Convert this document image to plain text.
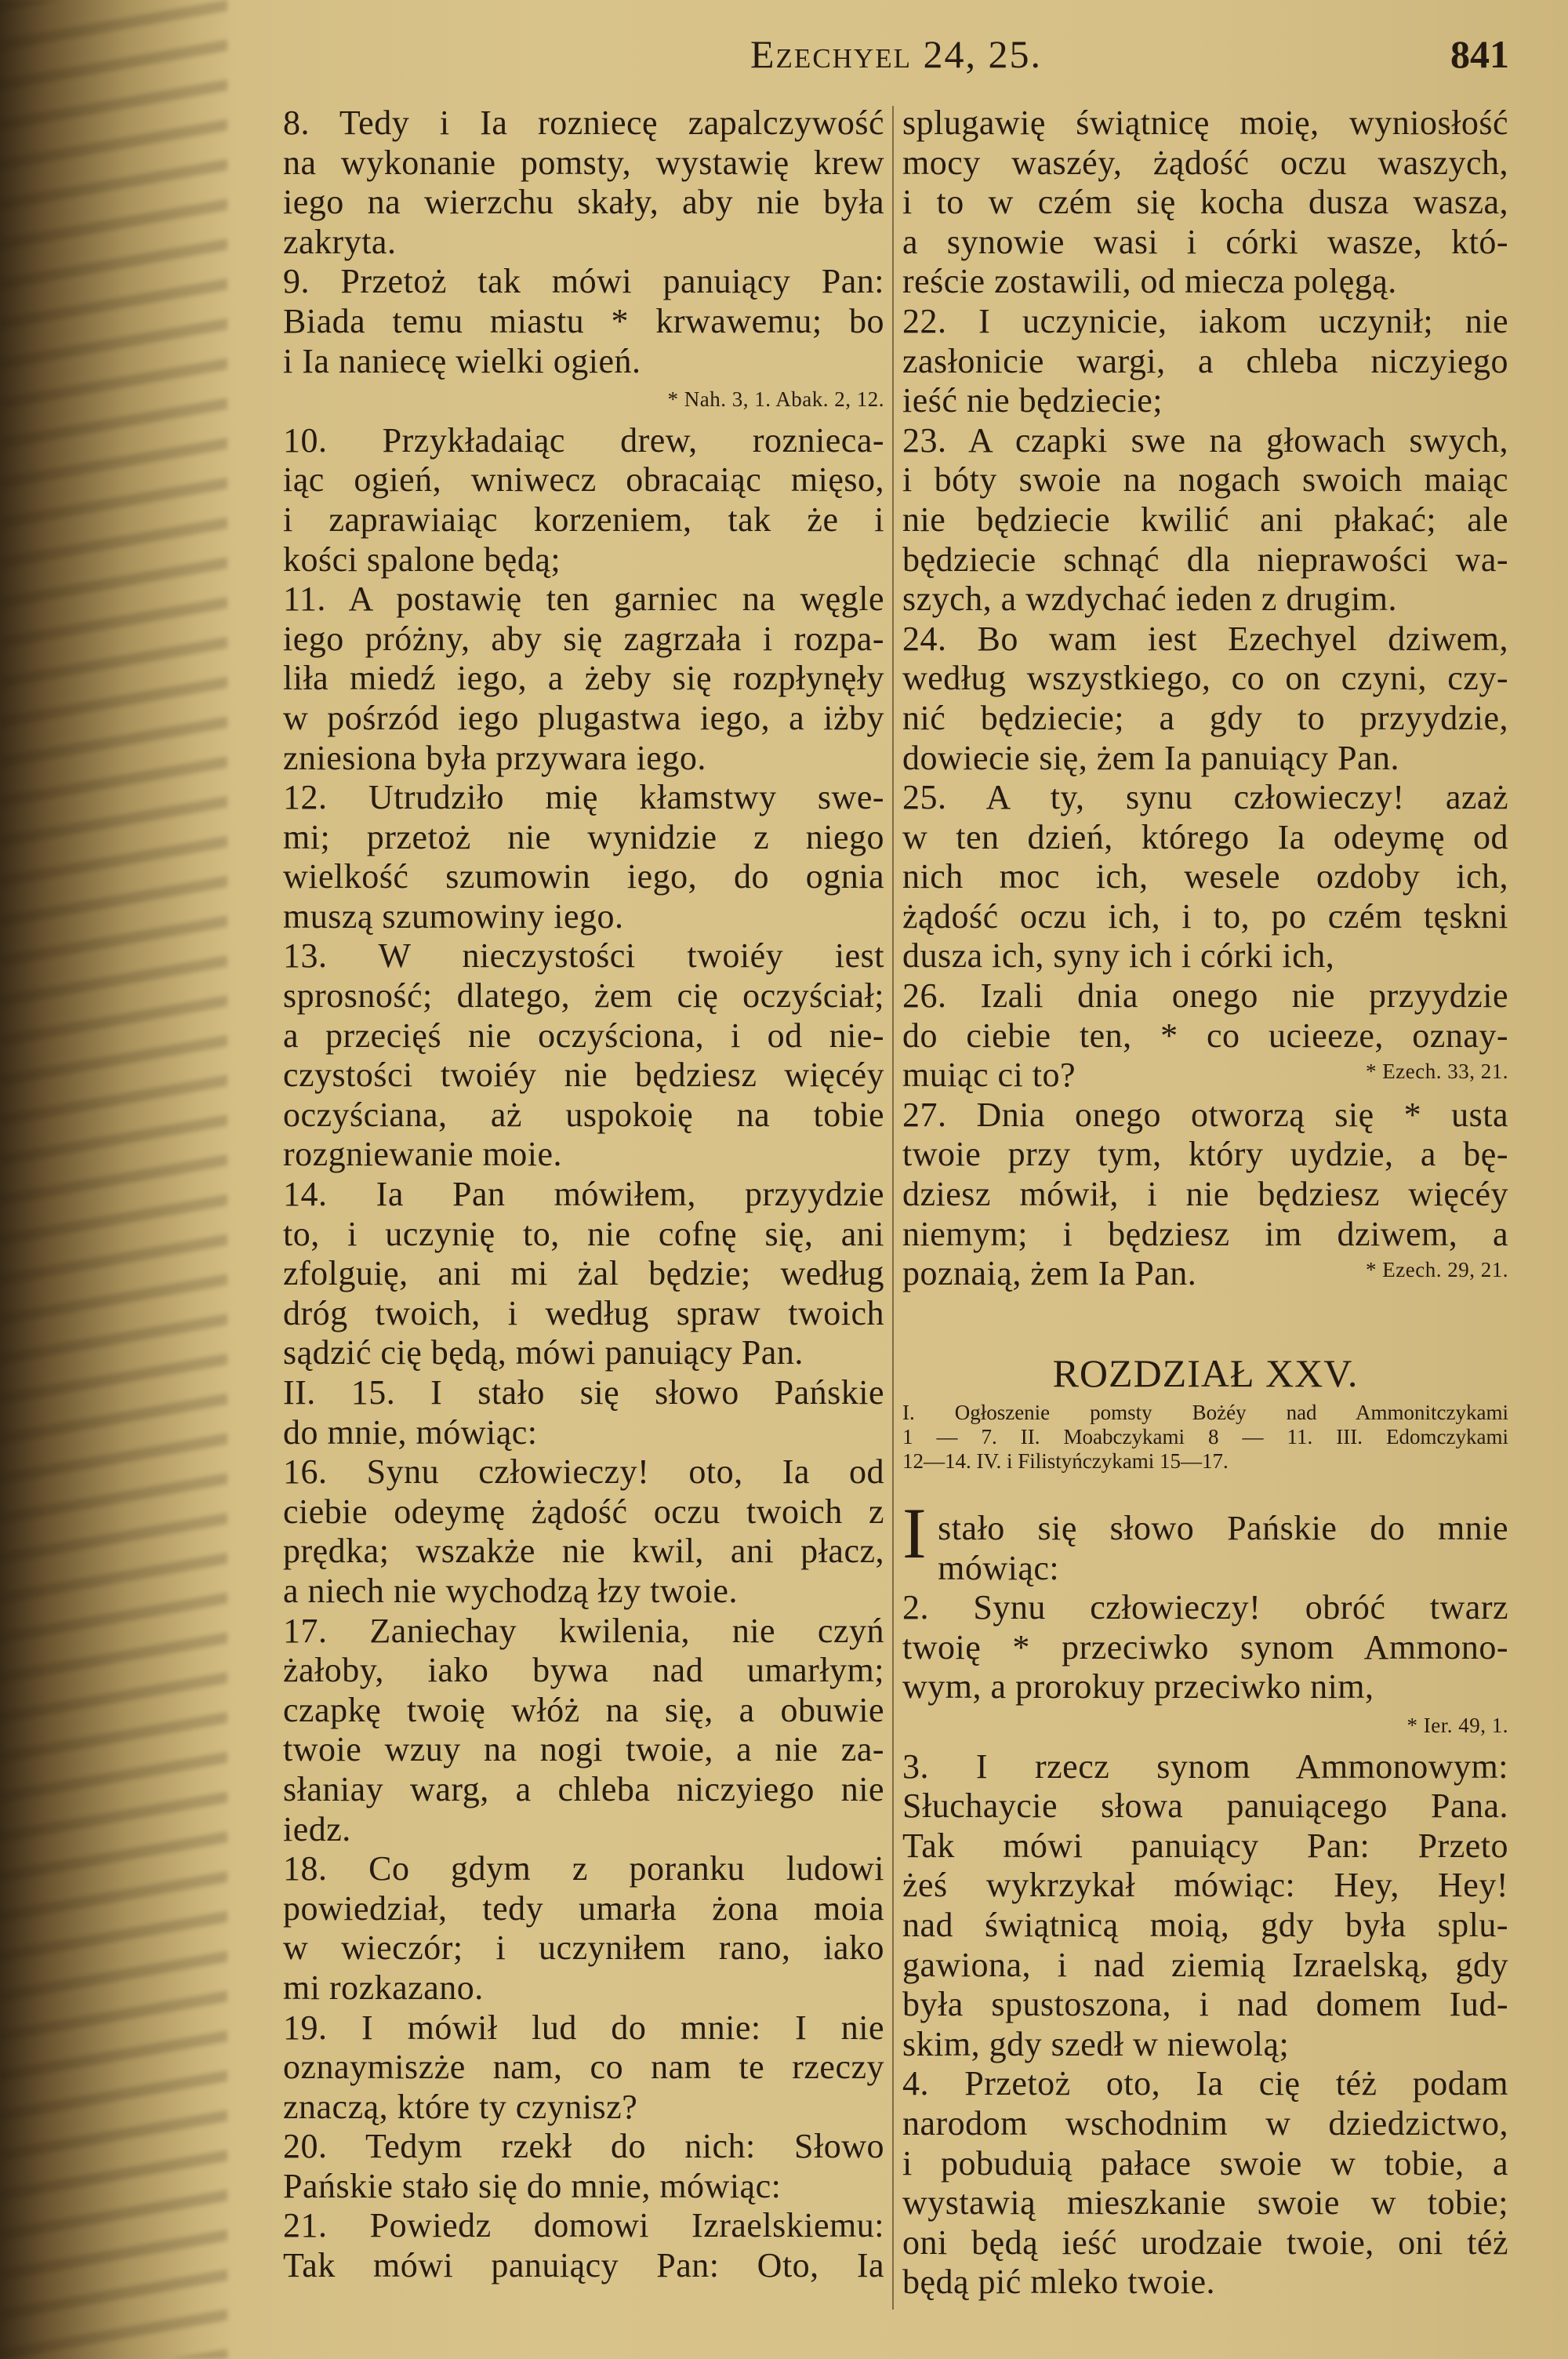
Ezechyel 24, 25.	841
8. Tedy i Ia rozniecę zapalczywość
na wykonanie pomsty, wystawię krew
iego na wierzchu skały, aby nie była
zakryta.
9. Przetoż tak mówi panuiący Pan:
Biada temu miastu * krwawemu; bo
i Ia naniecę wielki ogień.
* Nah. 3, 1. Abak. 2, 12.
10. Przykładaiąc drew, roznieca-
iąc ogień, wniwecz obracaiąc mięso,
i zaprawiaiąc korzeniem, tak że i
kości spalone będą;
11. A postawię ten garniec na węgle
iego próżny, aby się zagrzała i rozpa-
liła miedź iego, a żeby się rozpłynęły
w pośrzód iego plugastwa iego, a iżby
zniesiona była przywara iego.
12. Utrudziło mię kłamstwy swe-
mi; przetoż nie wynidzie z niego
wielkość szumowin iego, do ognia
muszą szumowiny iego.
13. W nieczystości twoiéy iest
sprosność; dlatego, żem cię oczyściał;
a przecięś nie oczyściona, i od nie-
czystości twoiéy nie będziesz więcéy
oczyściana, aż uspokoię na tobie
rozgniewanie moie.
14. Ia Pan mówiłem, przyydzie
to, i uczynię to, nie cofnę się, ani
zfolguię, ani mi żal będzie; według
dróg twoich, i według spraw twoich
sądzić cię będą, mówi panuiący Pan.
II. 15. I stało się słowo Pańskie
do mnie, mówiąc:
16. Synu człowieczy! oto, Ia od
ciebie odeymę żądość oczu twoich z
prędka; wszakże nie kwil, ani płacz,
a niech nie wychodzą łzy twoie.
17. Zaniechay kwilenia, nie czyń
żałoby, iako bywa nad umarłym;
czapkę twoię włóż na się, a obuwie
twoie wzuy na nogi twoie, a nie za-
słaniay warg, a chleba niczyiego nie
iedz.
18. Co gdym z poranku ludowi
powiedział, tedy umarła żona moia
w wieczór; i uczyniłem rano, iako
mi rozkazano.
19. I mówił lud do mnie: I nie
oznaymiszże nam, co nam te rzeczy
znaczą, które ty czynisz?
20. Tedym rzekł do nich: Słowo
Pańskie stało się do mnie, mówiąc:
21. Powiedz domowi Izraelskiemu:
Tak mówi panuiący Pan: Oto, Ia
splugawię świątnicę moię, wyniosłość
mocy waszéy, żądość oczu waszych,
i to w czém się kocha dusza wasza,
a synowie wasi i córki wasze, któ-
reście zostawili, od miecza polęgą.
22. I uczynicie, iakom uczynił; nie
zasłonicie wargi, a chleba niczyiego
ieść nie będziecie;
23. A czapki swe na głowach swych,
i bóty swoie na nogach swoich maiąc
nie będziecie kwilić ani płakać; ale
będziecie schnąć dla nieprawości wa-
szych, a wzdychać ieden z drugim.
24. Bo wam iest Ezechyel dziwem,
według wszystkiego, co on czyni, czy-
nić będziecie; a gdy to przyydzie,
dowiecie się, żem Ia panuiący Pan.
25. A ty, synu człowieczy! azaż
w ten dzień, którego Ia odeymę od
nich moc ich, wesele ozdoby ich,
żądość oczu ich, i to, po czém tęskni
dusza ich, syny ich i córki ich,
26. Izali dnia onego nie przyydzie
do ciebie ten, * co ucieeze, oznay-
muiąc ci to?	* Ezech. 33, 21.
27. Dnia onego otworzą się * usta
twoie przy tym, który uydzie, a bę-
dziesz mówił, i nie będziesz więcéy
niemym; i będziesz im dziwem, a
poznaią, żem Ia Pan.	* Ezech. 29, 21.
ROZDZIAŁ XXV.
I. Ogłoszenie pomsty Bożéy nad Ammonitczykami
1 — 7. II. Moabczykami 8 — 11. III. Edomczykami
12—14. IV. i Filistyńczykami 15—17.
I stało się słowo Pańskie do mnie
mówiąc:
2. Synu człowieczy! obróć twarz
twoię * przeciwko synom Ammono-
wym, a prorokuy przeciwko nim,
* Ier. 49, 1.
3. I rzecz synom Ammonowym:
Słuchaycie słowa panuiącego Pana.
Tak mówi panuiący Pan: Przeto
żeś wykrzykał mówiąc: Hey, Hey!
nad świątnicą moią, gdy była splu-
gawiona, i nad ziemią Izraelską, gdy
była spustoszona, i nad domem Iud-
skim, gdy szedł w niewolą;
4. Przetoż oto, Ia cię téż podam
narodom wschodnim w dziedzictwo,
i pobuduią pałace swoie w tobie, a
wystawią mieszkanie swoie w tobie;
oni będą ieść urodzaie twoie, oni téż
będą pić mleko twoie.
